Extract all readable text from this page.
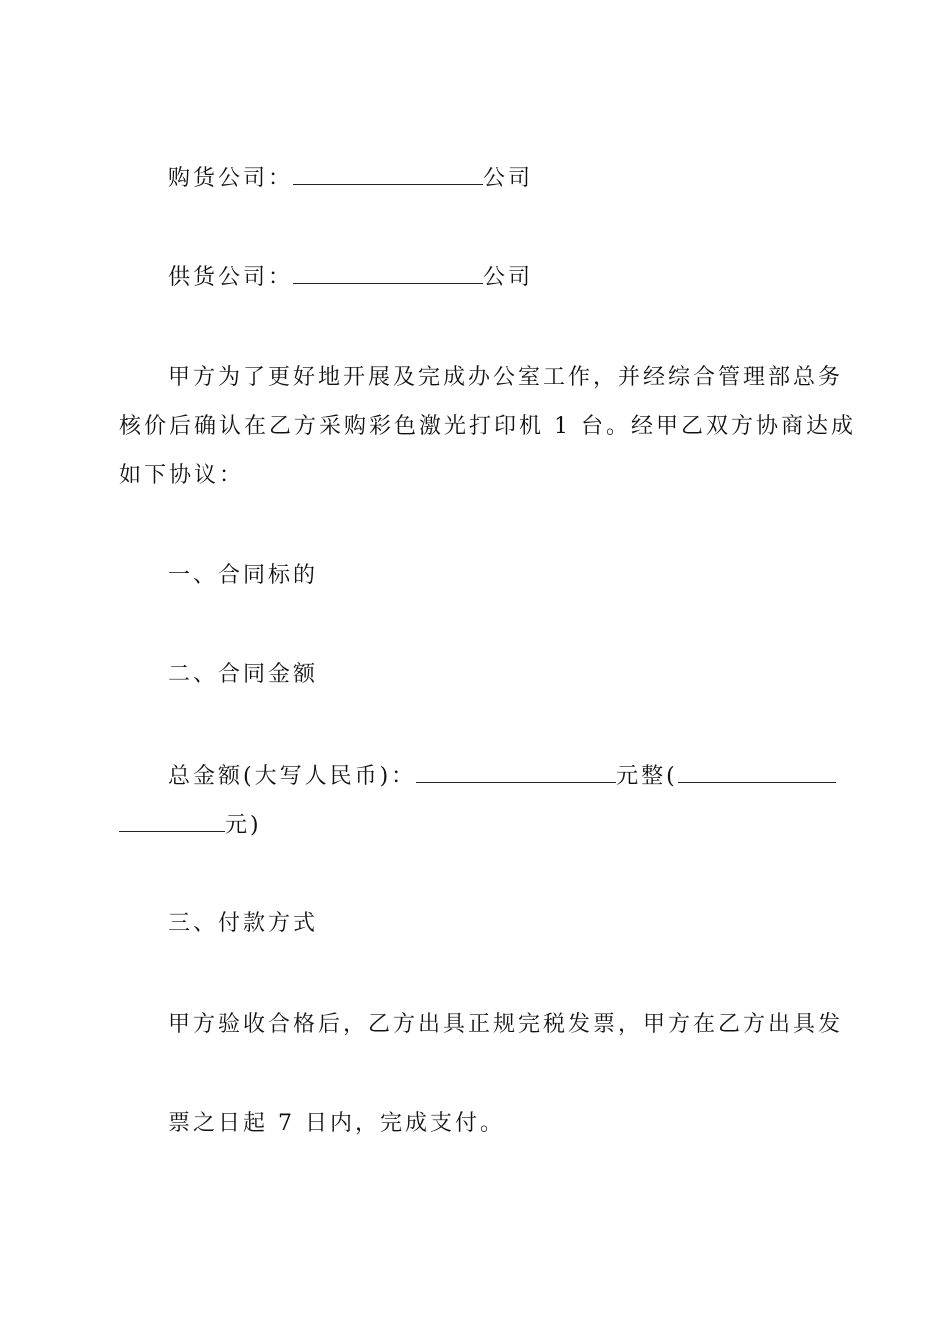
购货公司：	公司
供货公司：	公司
甲方为了更好地开展及完成办公室工作，并经综合管理部总务
核价后确认在乙方采购彩色激光打印机 1 台。经甲乙双方协商达成
如下协议：
一、合同标的
二、合同金额
总金额(大写人民币)：	元整(
元)
三、付款方式
甲方验收合格后，乙方出具正规完税发票，甲方在乙方出具发
票之日起 7 日内，完成支付。
